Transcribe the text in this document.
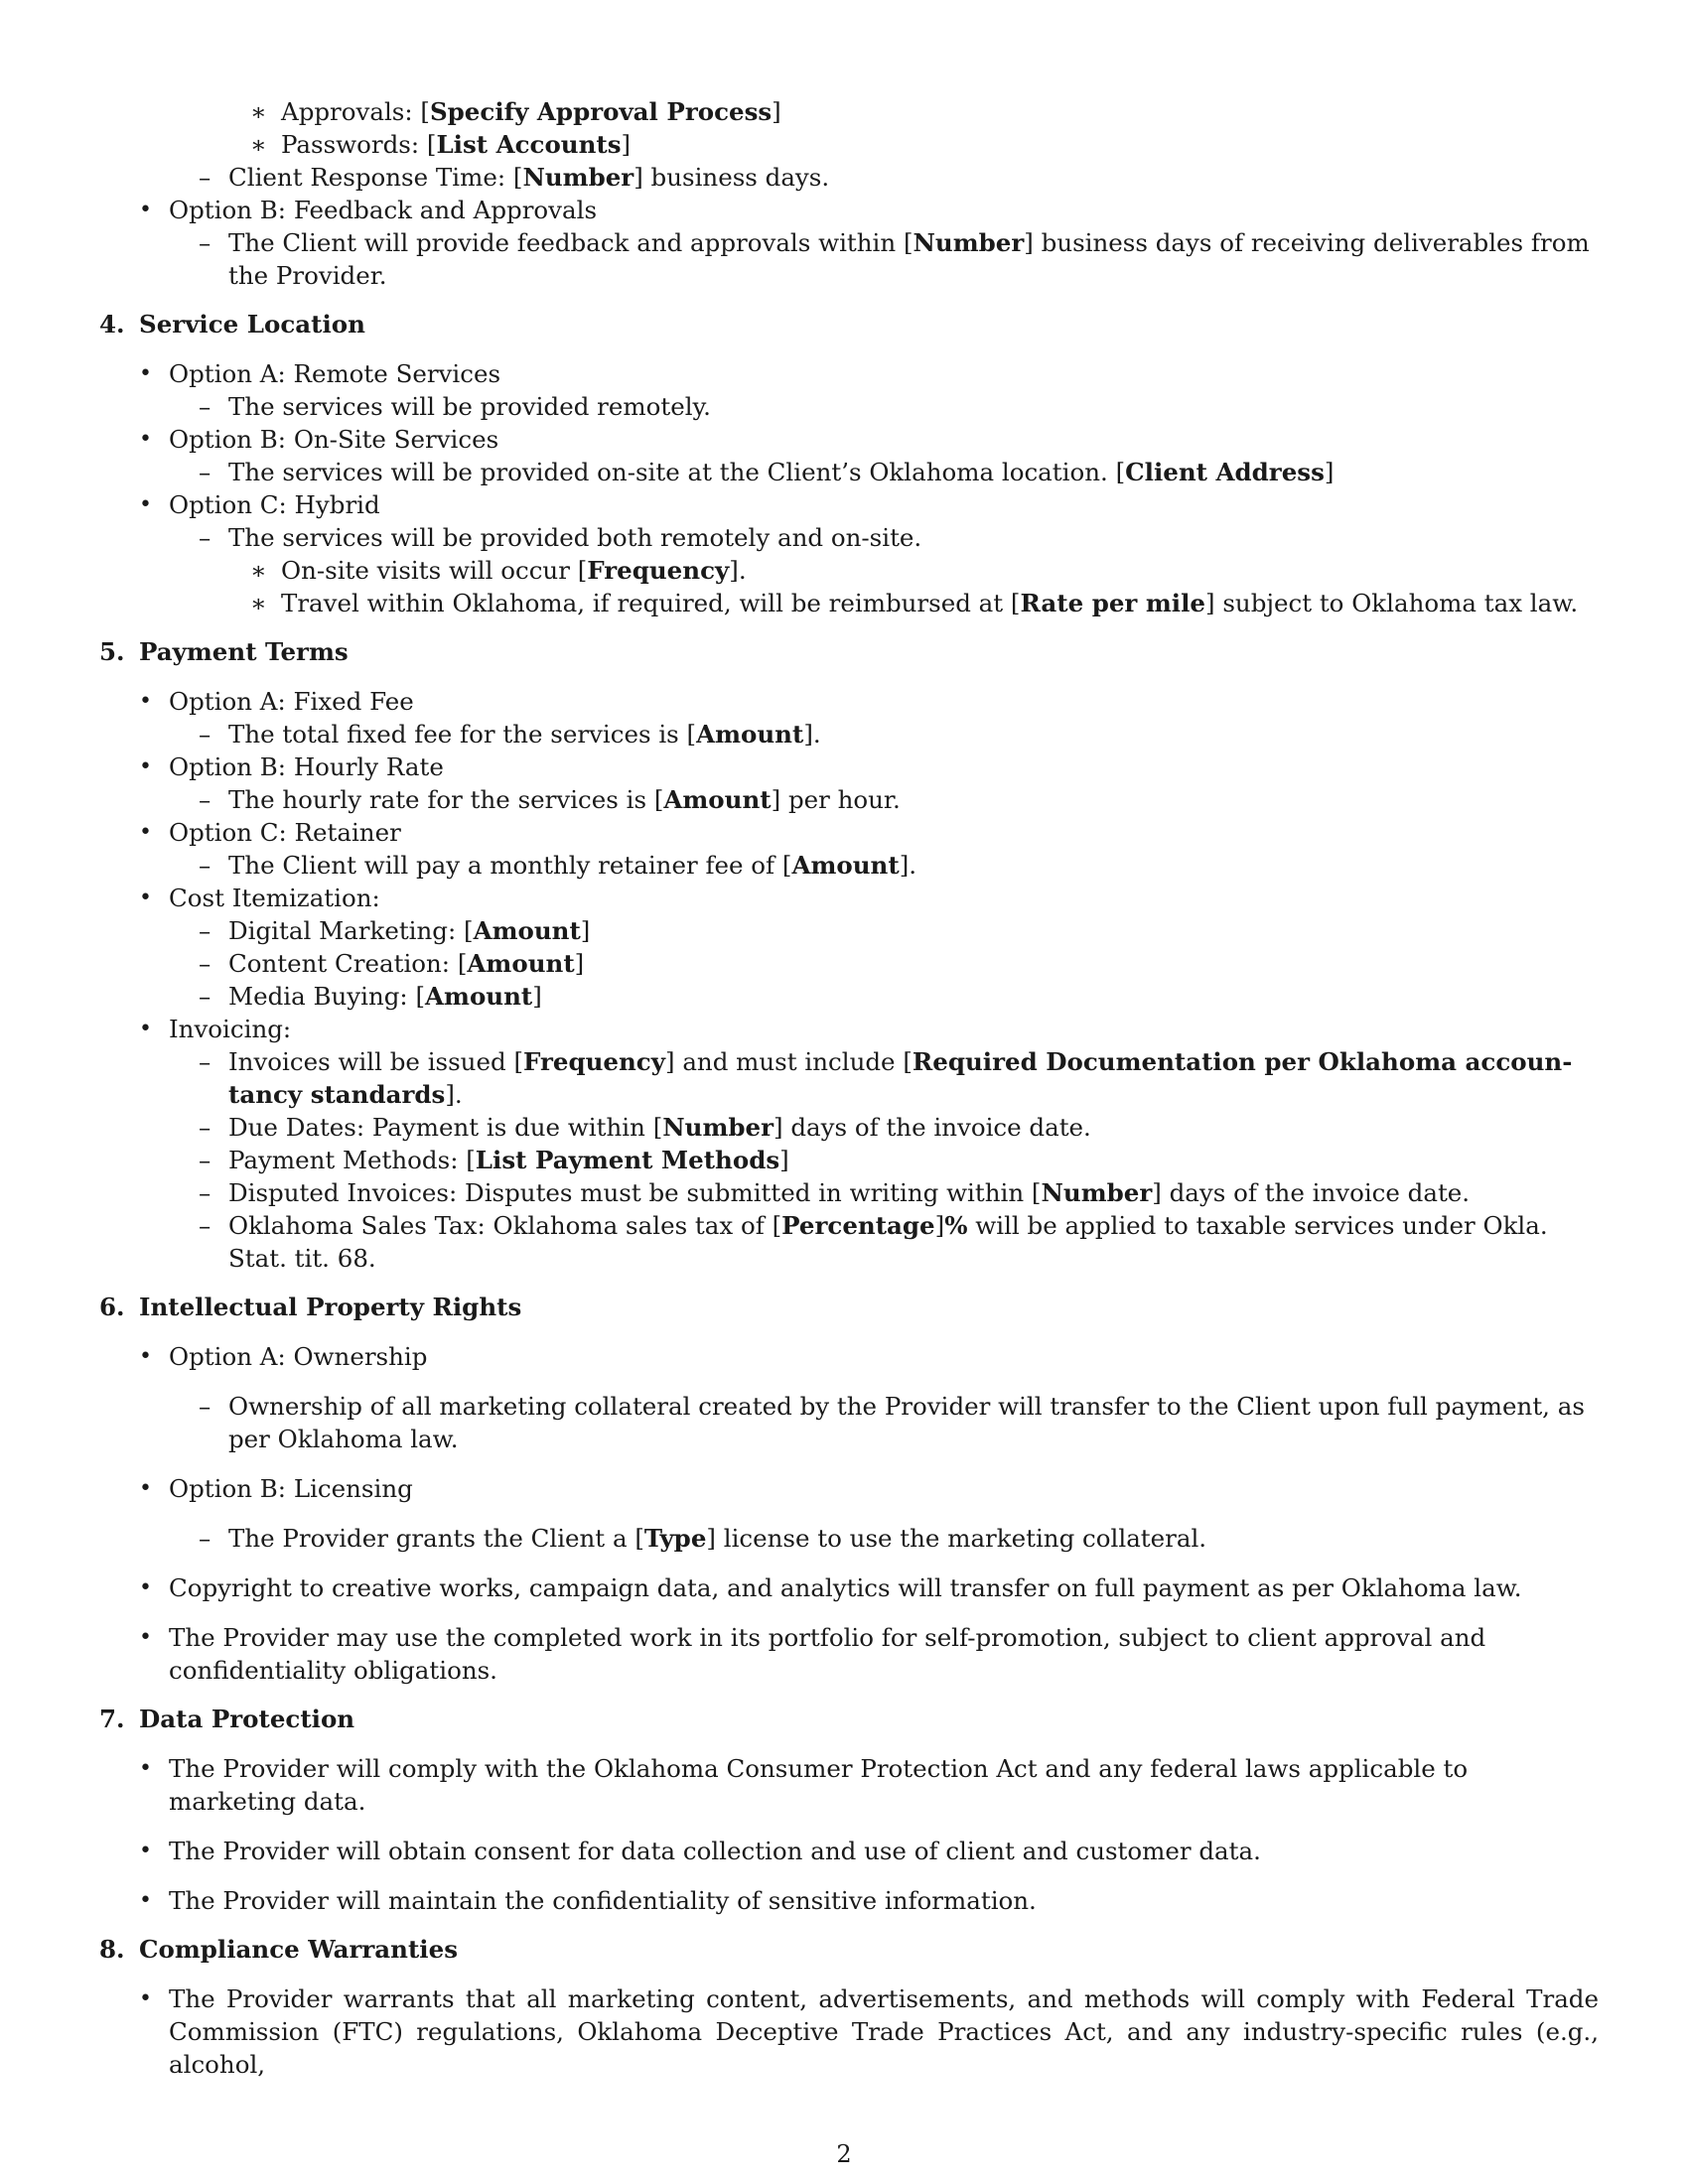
∗ Approvals: [Specify Approval Process]
∗ Passwords: [List Accounts]
– Client Response Time: [Number] business days.
• Option B: Feedback and Approvals
– The Client will provide feedback and approvals within [Number] business days of receiving deliverables from the Provider.
4. Service Location
• Option A: Remote Services
– The services will be provided remotely.
• Option B: On-Site Services
– The services will be provided on-site at the Client’s Oklahoma location. [Client Address]
• Option C: Hybrid
– The services will be provided both remotely and on-site.
∗ On-site visits will occur [Frequency].
∗ Travel within Oklahoma, if required, will be reimbursed at [Rate per mile] subject to Oklahoma tax law.
5. Payment Terms
• Option A: Fixed Fee
– The total fixed fee for the services is [Amount].
• Option B: Hourly Rate
– The hourly rate for the services is [Amount] per hour.
• Option C: Retainer
– The Client will pay a monthly retainer fee of [Amount].
• Cost Itemization:
– Digital Marketing: [Amount]
– Content Creation: [Amount]
– Media Buying: [Amount]
• Invoicing:
– Invoices will be issued [Frequency] and must include [Required Documentation per Oklahoma accoun-
tancy standards].
– Due Dates: Payment is due within [Number] days of the invoice date.
– Payment Methods: [List Payment Methods]
– Disputed Invoices: Disputes must be submitted in writing within [Number] days of the invoice date.
– Oklahoma Sales Tax: Oklahoma sales tax of [Percentage]% will be applied to taxable services under Okla. Stat. tit. 68.
6. Intellectual Property Rights
• Option A: Ownership
– Ownership of all marketing collateral created by the Provider will transfer to the Client upon full payment, as per Oklahoma law.
• Option B: Licensing
– The Provider grants the Client a [Type] license to use the marketing collateral.
• Copyright to creative works, campaign data, and analytics will transfer on full payment as per Oklahoma law.
• The Provider may use the completed work in its portfolio for self-promotion, subject to client approval and confidentiality obligations.
7. Data Protection
• The Provider will comply with the Oklahoma Consumer Protection Act and any federal laws applicable to marketing data.
• The Provider will obtain consent for data collection and use of client and customer data.
• The Provider will maintain the confidentiality of sensitive information.
8. Compliance Warranties
• The Provider warrants that all marketing content, advertisements, and methods will comply with Federal Trade Commission (FTC) regulations, Oklahoma Deceptive Trade Practices Act, and any industry-specific rules (e.g., alcohol,
2
